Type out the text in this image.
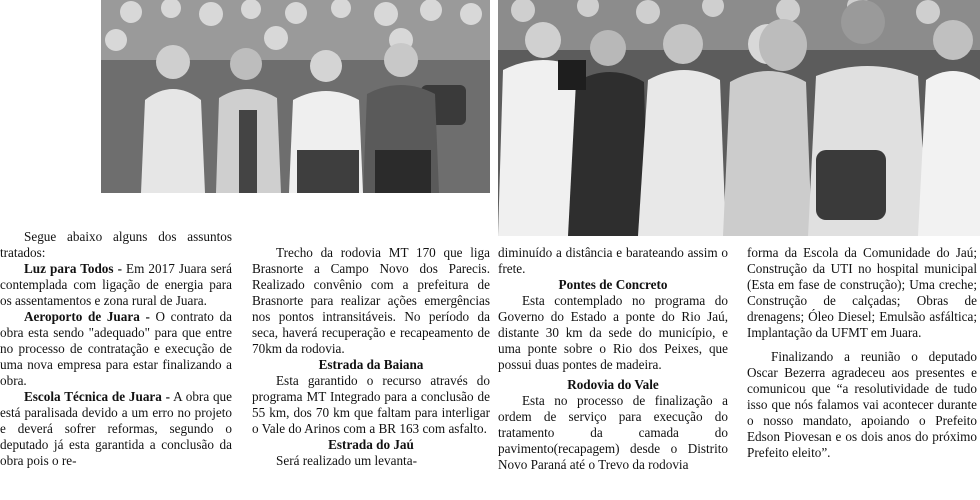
Segue abaixo alguns dos assuntos tratados:

Luz para Todos - Em 2017 Juara será contemplada com ligação de energia para os assentamentos e zona rural de Juara.

Aeroporto de Juara - O contrato da obra esta sendo "adequado" para que entre no processo de contratação e execução de uma nova empresa para estar finalizando a obra.

Escola Técnica de Juara - A obra que está paralisada devido a um erro no projeto e deverá sofrer reformas, segundo o deputado já esta garantida a conclusão da obra pois o re-

Trecho da rodovia MT 170 que liga Brasnorte a Campo Novo dos Parecis. Realizado convênio com a prefeitura de Brasnorte para realizar ações emergências nos pontos intransitáveis. No período da seca, haverá recuperação e recapeamento de 70km da rodovia.

Estrada da Baiana

Esta garantido o recurso através do programa MT Integrado para a conclusão de 55 km, dos 70 km que faltam para interligar o Vale do Arinos com a BR 163 com asfalto.

Estrada do Jaú

Será realizado um levanta-

diminuído a distância e barateando assim o frete.

Pontes de Concreto

Esta contemplado no programa do Governo do Estado a ponte do Rio Jaú, distante 30 km da sede do município, e uma ponte sobre o Rio dos Peixes, que possui duas pontes de madeira.

Rodovia do Vale

Esta no processo de finalização a ordem de serviço para execução do tratamento da camada do pavimento(recapagem) desde o Distrito Novo Paraná até o Trevo da rodovia

forma da Escola da Comunidade do Jaú; Construção da UTI no hospital municipal (Esta em fase de construção); Uma creche; Construção de calçadas; Obras de drenagens; Óleo Diesel; Emulsão asfáltica; Implantação da UFMT em Juara.

Finalizando a reunião o deputado Oscar Bezerra agradeceu aos presentes e comunicou que “a resolutividade de tudo isso que nós falamos vai acontecer durante o nosso mandato, apoiando o Prefeito Edson Piovesan e os dois anos do próximo Prefeito eleito”.
